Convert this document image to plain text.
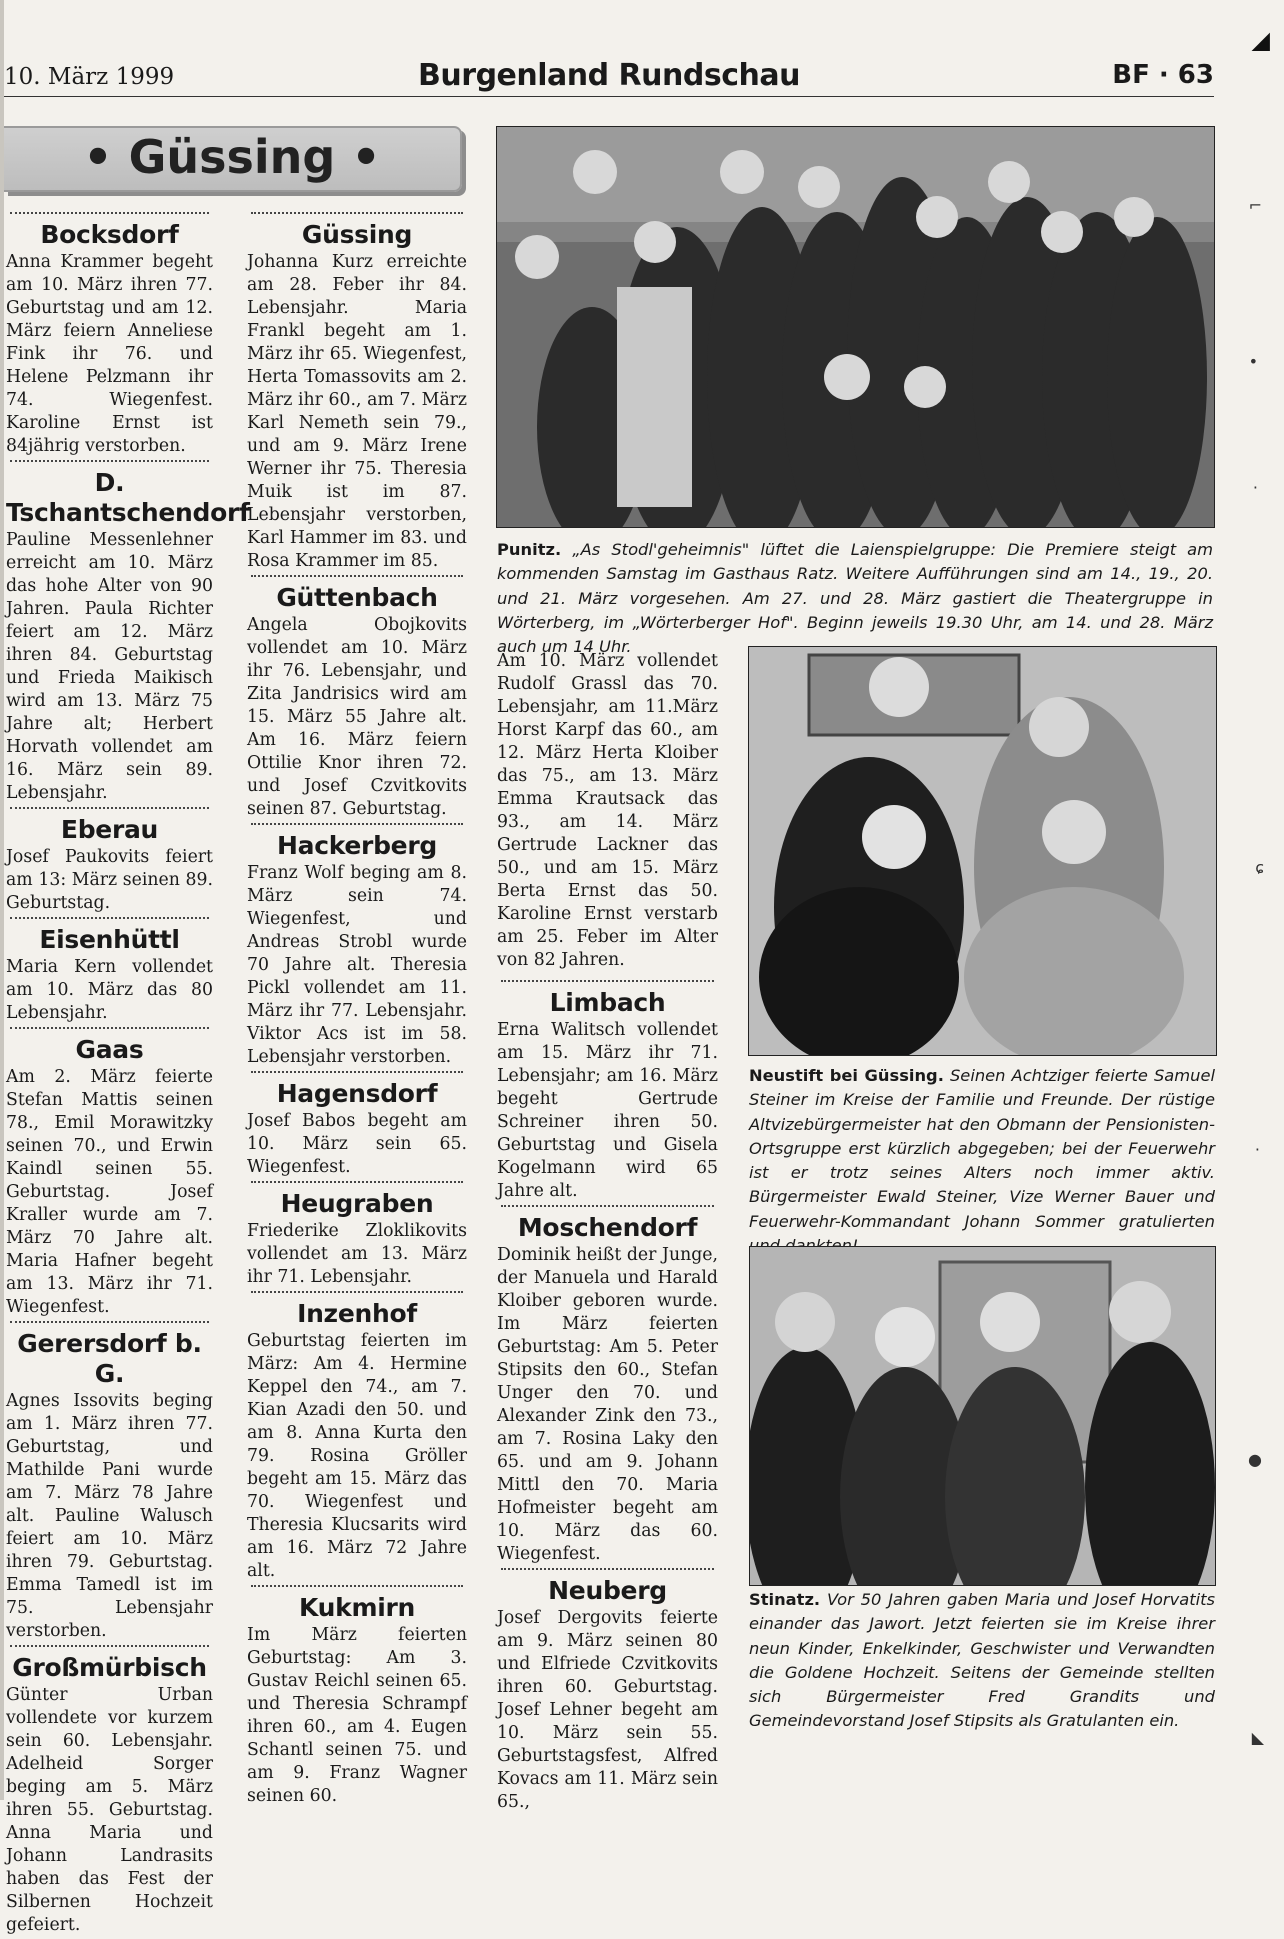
◢
⌐
•
·
ɕ
·
●
◣
10. März 1999	Burgenland Rundschau	BF · 63
• Güssing •
Bocksdorf
Anna Krammer begeht am 10. März ihren 77. Geburtstag und am 12. März feiern Anneliese Fink ihr 76. und Helene Pelzmann ihr 74. Wiegenfest. Karoline Ernst ist 84jährig verstorben.
D. Tschantschendorf
Pauline Messenlehner erreicht am 10. März das hohe Alter von 90 Jahren. Paula Richter feiert am 12. März ihren 84. Geburtstag und Frieda Maikisch wird am 13. März 75 Jahre alt; Herbert Horvath vollendet am 16. März sein 89. Lebensjahr.
Eberau
Josef Paukovits feiert am 13: März seinen 89. Geburtstag.
Eisenhüttl
Maria Kern vollendet am 10. März das 80 Lebensjahr.
Gaas
Am 2. März feierte Stefan Mattis seinen 78., Emil Morawitzky seinen 70., und Erwin Kaindl seinen 55. Geburtstag. Josef Kraller wurde am 7. März 70 Jahre alt. Maria Hafner begeht am 13. März ihr 71. Wiegenfest.
Gerersdorf b. G.
Agnes Issovits beging am 1. März ihren 77. Geburtstag, und Mathilde Pani wurde am 7. März 78 Jahre alt. Pauline Walusch feiert am 10. März ihren 79. Geburtstag. Emma Tamedl ist im 75. Lebensjahr verstorben.
Großmürbisch
Günter Urban vollendete vor kurzem sein 60. Lebensjahr. Adelheid Sorger beging am 5. März ihren 55. Geburtstag. Anna Maria und Johann Landrasits haben das Fest der Silbernen Hochzeit gefeiert.
Güssing
Johanna Kurz erreichte am 28. Feber ihr 84. Lebensjahr. Maria Frankl begeht am 1. März ihr 65. Wiegenfest, Herta Tomassovits am 2. März ihr 60., am 7. März Karl Nemeth sein 79., und am 9. März Irene Werner ihr 75. Theresia Muik ist im 87. Lebensjahr verstorben, Karl Hammer im 83. und Rosa Krammer im 85.
Güttenbach
Angela Obojkovits vollendet am 10. März ihr 76. Lebensjahr, und Zita Jandrisics wird am 15. März 55 Jahre alt. Am 16. März feiern Ottilie Knor ihren 72. und Josef Czvitkovits seinen 87. Geburtstag.
Hackerberg
Franz Wolf beging am 8. März sein 74. Wiegenfest, und Andreas Strobl wurde 70 Jahre alt. Theresia Pickl vollendet am 11. März ihr 77. Lebensjahr. Viktor Acs ist im 58. Lebensjahr verstorben.
Hagensdorf
Josef Babos begeht am 10. März sein 65. Wiegenfest.
Heugraben
Friederike Zloklikovits vollendet am 13. März ihr 71. Lebensjahr.
Inzenhof
Geburtstag feierten im März: Am 4. Hermine Keppel den 74., am 7. Kian Azadi den 50. und am 8. Anna Kurta den 79. Rosina Gröller begeht am 15. März das 70. Wiegenfest und Theresia Klucsarits wird am 16. März 72 Jahre alt.
Kukmirn
Im März feierten Geburtstag: Am 3. Gustav Reichl seinen 65. und Theresia Schrampf ihren 60., am 4. Eugen Schantl seinen 75. und am 9. Franz Wagner seinen 60.
Punitz. „As Stodl'geheimnis" lüftet die Laienspielgruppe: Die Premiere steigt am kommenden Samstag im Gasthaus Ratz. Weitere Aufführungen sind am 14., 19., 20. und 21. März vorgesehen. Am 27. und 28. März gastiert die Theatergruppe in Wörterberg, im „Wörterberger Hof". Beginn jeweils 19.30 Uhr, am 14. und 28. März auch um 14 Uhr.
Am 10. März vollendet Rudolf Grassl das 70. Lebensjahr, am 11.März Horst Karpf das 60., am 12. März Herta Kloiber das 75., am 13. März Emma Krautsack das 93., am 14. März Gertrude Lackner das 50., und am 15. März Berta Ernst das 50. Karoline Ernst verstarb am 25. Feber im Alter von 82 Jahren.
Limbach
Erna Walitsch vollendet am 15. März ihr 71. Lebensjahr; am 16. März begeht Gertrude Schreiner ihren 50. Geburtstag und Gisela Kogelmann wird 65 Jahre alt.
Moschendorf
Dominik heißt der Junge, der Manuela und Harald Kloiber geboren wurde. Im März feierten Geburtstag: Am 5. Peter Stipsits den 60., Stefan Unger den 70. und Alexander Zink den 73., am 7. Rosina Laky den 65. und am 9. Johann Mittl den 70. Maria Hofmeister begeht am 10. März das 60. Wiegenfest.
Neuberg
Josef Dergovits feierte am 9. März seinen 80 und Elfriede Czvitkovits ihren 60. Geburtstag. Josef Lehner begeht am 10. März sein 55. Geburtstagsfest, Alfred Kovacs am 11. März sein 65.,
Neustift bei Güssing. Seinen Achtziger feierte Samuel Steiner im Kreise der Familie und Freunde. Der rüstige Altvizebürgermeister hat den Obmann der Pensionisten-Ortsgruppe erst kürzlich abgegeben; bei der Feuerwehr ist er trotz seines Alters noch immer aktiv. Bürgermeister Ewald Steiner, Vize Werner Bauer und Feuerwehr-Kommandant Johann Sommer gratulierten
Stinatz. Vor 50 Jahren gaben Maria und Josef Horvatits einander das Jawort. Jetzt feierten sie im Kreise ihrer neun Kinder, Enkelkinder, Geschwister und Verwandten die Goldene Hochzeit. Seitens der Gemeinde stellten sich Bürgermeister Fred Grandits und Gemeindevorstand Josef Stipsits als Gratulanten ein.
